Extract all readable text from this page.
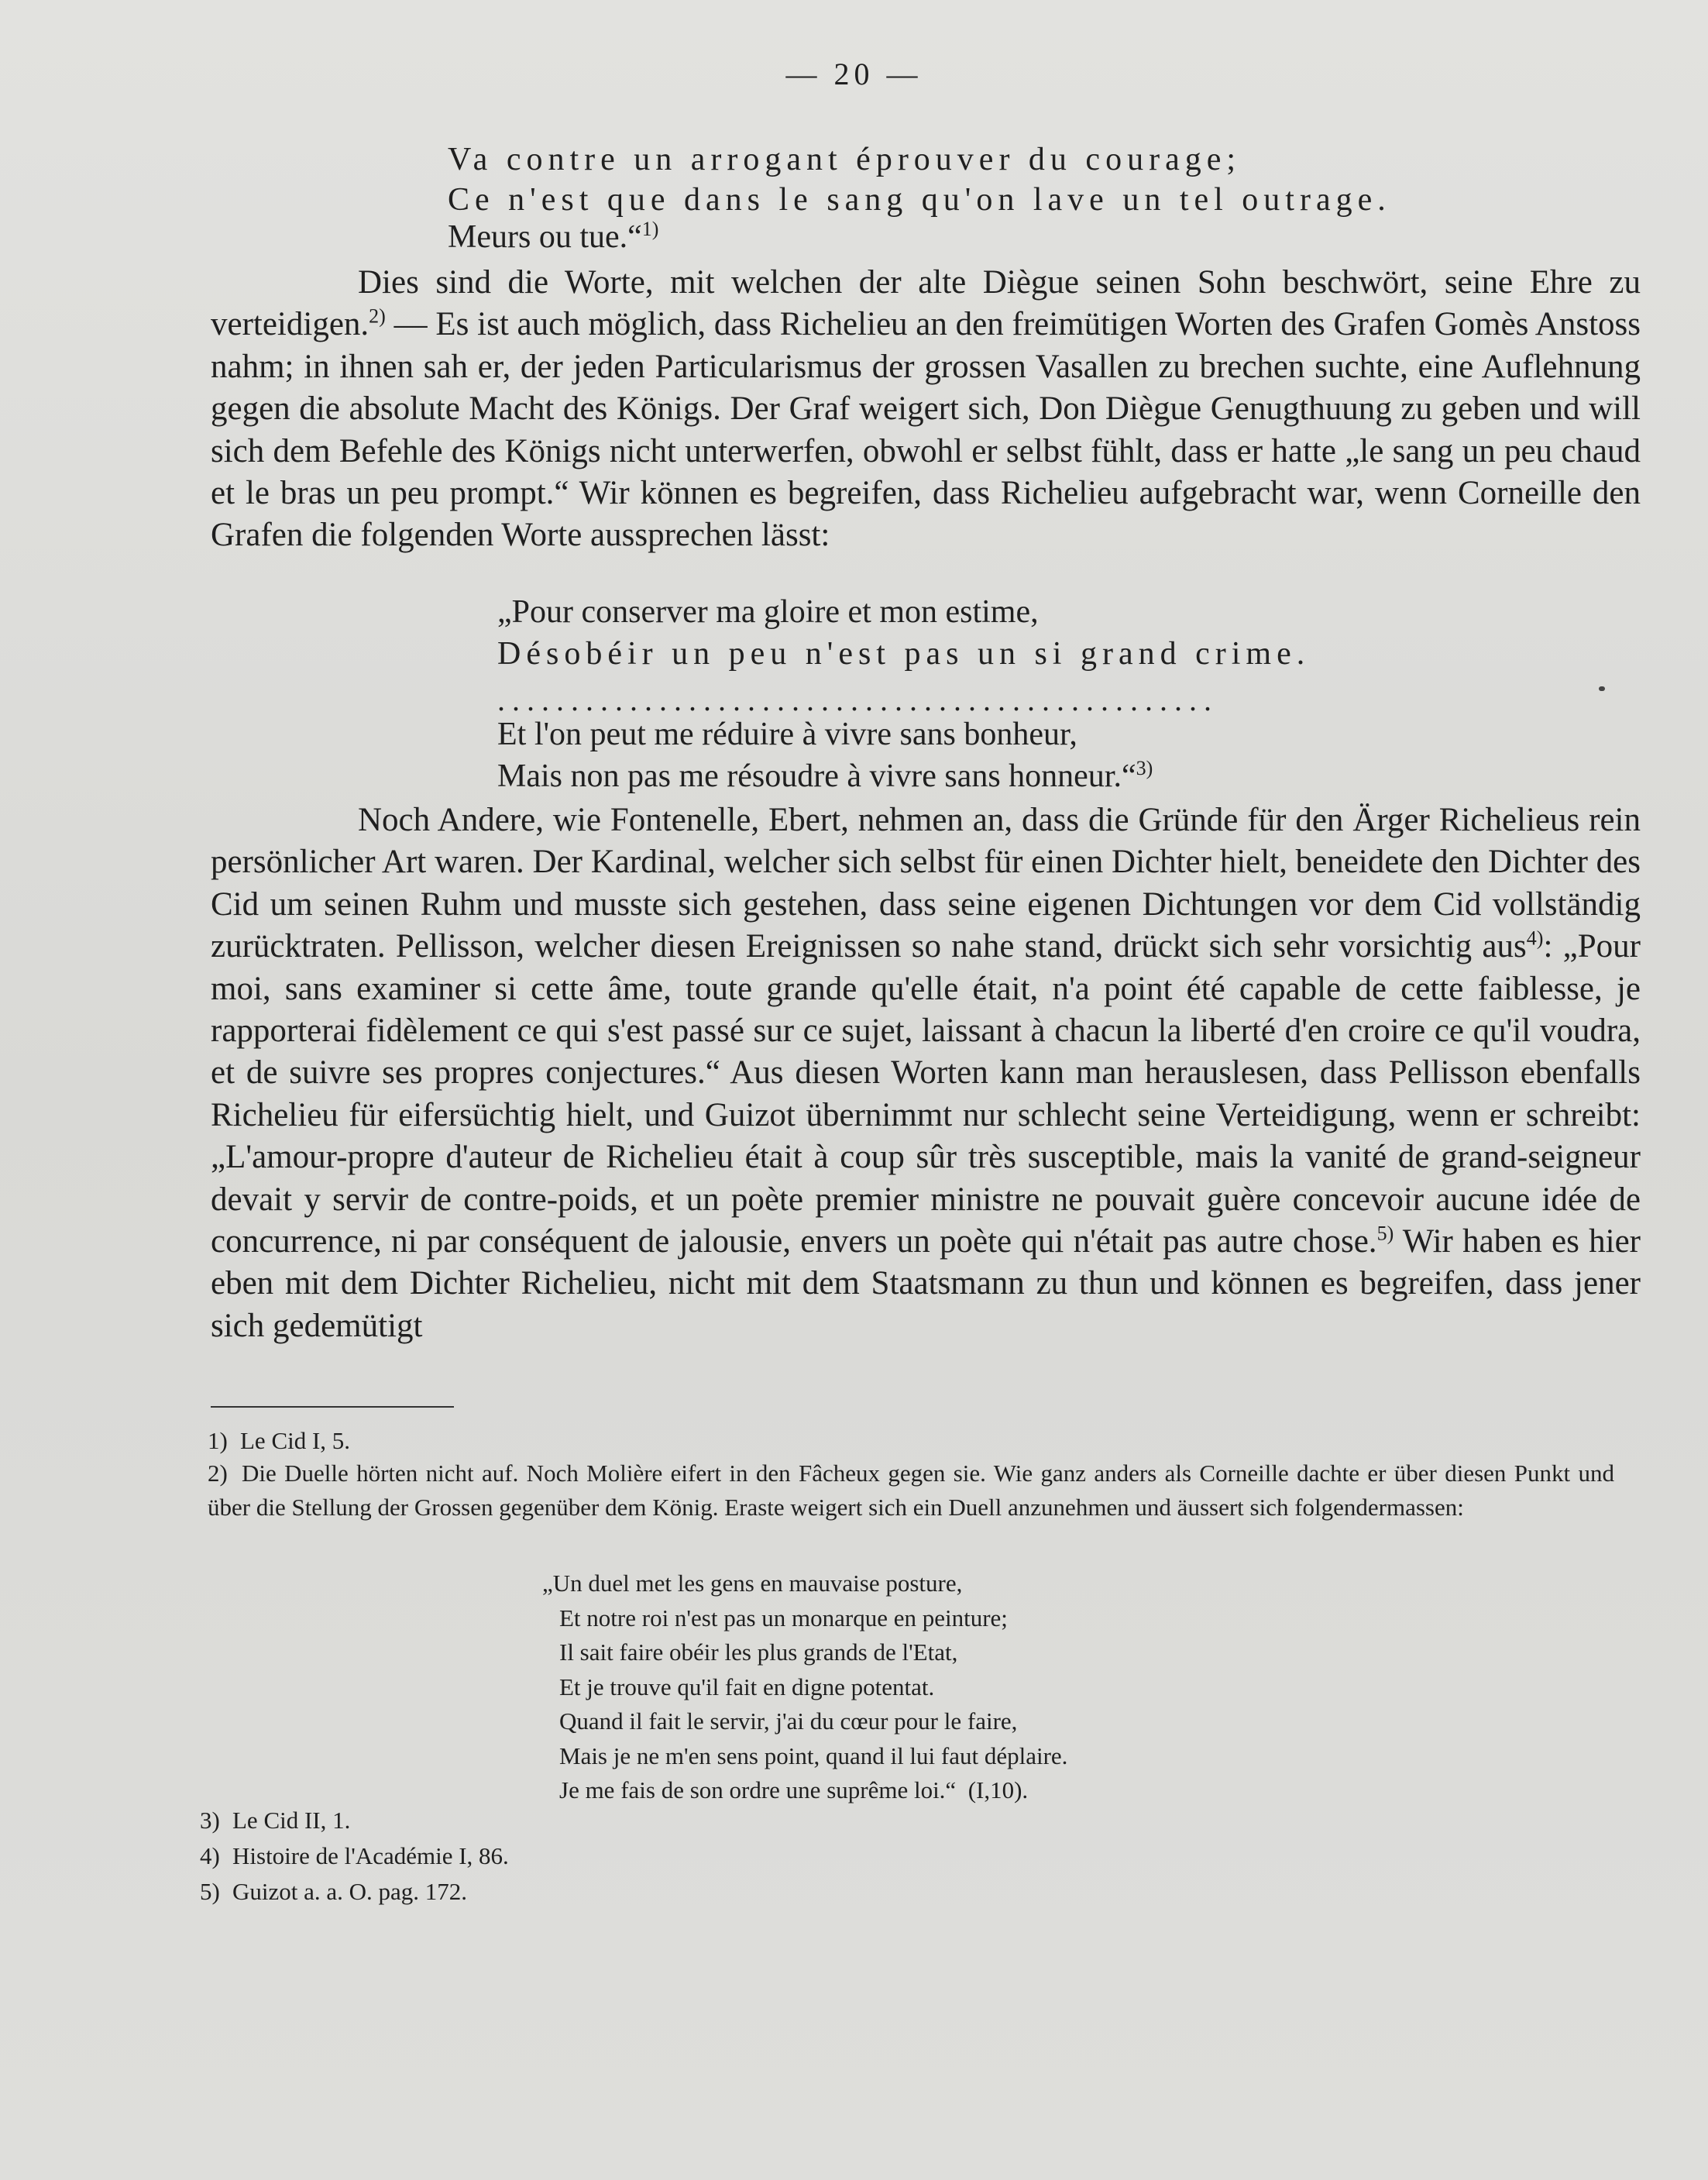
— 20 —
Va contre un arrogant éprouver du courage;
Ce n'est que dans le sang qu'on lave un tel outrage.
Meurs ou tue.“$^{1)}$
Dies sind die Worte, mit welchen der alte Diègue seinen Sohn beschwört, seine Ehre zu verteidigen.$^{2)}$ — Es ist auch möglich, dass Richelieu an den freimütigen Worten des Grafen Gomès Anstoss nahm; in ihnen sah er, der jeden Particularismus der grossen Vasallen zu brechen suchte, eine Auflehnung gegen die absolute Macht des Königs. Der Graf weigert sich, Don Diègue Genugthuung zu geben und will sich dem Befehle des Königs nicht unterwerfen, obwohl er selbst fühlt, dass er hatte „le sang un peu chaud et le bras un peu prompt.“ Wir können es begreifen, dass Richelieu aufgebracht war, wenn Corneille den Grafen die folgenden Worte aussprechen lässt:
„Pour conserver ma gloire et mon estime,
Désobéir un peu n'est pas un si grand crime.
.................................................
Et l'on peut me réduire à vivre sans bonheur,
Mais non pas me résoudre à vivre sans honneur.“$^{3)}$
Noch Andere, wie Fontenelle, Ebert, nehmen an, dass die Gründe für den Ärger Richelieus rein persönlicher Art waren. Der Kardinal, welcher sich selbst für einen Dichter hielt, beneidete den Dichter des Cid um seinen Ruhm und musste sich gestehen, dass seine eigenen Dichtungen vor dem Cid vollständig zurücktraten. Pellisson, welcher diesen Ereignissen so nahe stand, drückt sich sehr vorsichtig aus$^{4)}$: „Pour moi, sans examiner si cette âme, toute grande qu'elle était, n'a point été capable de cette faiblesse, je rapporterai fidèlement ce qui s'est passé sur ce sujet, laissant à chacun la liberté d'en croire ce qu'il voudra, et de suivre ses propres conjectures.“ Aus diesen Worten kann man herauslesen, dass Pellisson ebenfalls Richelieu für eifersüchtig hielt, und Guizot übernimmt nur schlecht seine Verteidigung, wenn er schreibt: „L'amour-propre d'auteur de Richelieu était à coup sûr très susceptible, mais la vanité de grand-seigneur devait y servir de contre-poids, et un poète premier ministre ne pouvait guère concevoir aucune idée de concurrence, ni par conséquent de jalousie, envers un poète qui n'était pas autre chose.$^{5)}$ Wir haben es hier eben mit dem Dichter Richelieu, nicht mit dem Staatsmann zu thun und können es begreifen, dass jener sich gedemütigt
1) Le Cid I, 5.
2) Die Duelle hörten nicht auf. Noch Molière eifert in den Fâcheux gegen sie. Wie ganz anders als Corneille dachte er über diesen Punkt und über die Stellung der Grossen gegenüber dem König. Eraste weigert sich ein Duell anzunehmen und äussert sich folgendermassen:
„Un duel met les gens en mauvaise posture,
Et notre roi n'est pas un monarque en peinture;
Il sait faire obéir les plus grands de l'Etat,
Et je trouve qu'il fait en digne potentat.
Quand il fait le servir, j'ai du cœur pour le faire,
Mais je ne m'en sens point, quand il lui faut déplaire.
Je me fais de son ordre une suprême loi.“ (I,10).
3) Le Cid II, 1.
4) Histoire de l'Académie I, 86.
5) Guizot a. a. O. pag. 172.
